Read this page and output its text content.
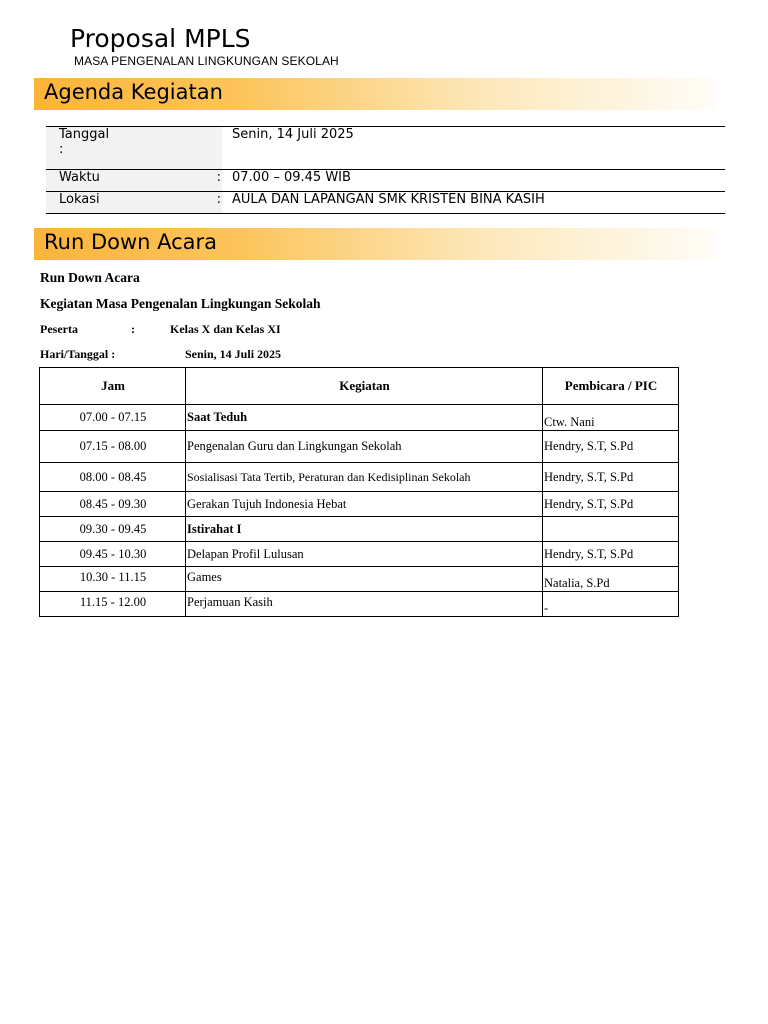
Proposal MPLS
MASA PENGENALAN LINGKUNGAN SEKOLAH
Agenda Kegiatan
Tanggal
:	Senin, 14 Juli 2025
Waktu :	07.00 – 09.45 WIB
Lokasi :	AULA DAN LAPANGAN SMK KRISTEN BINA KASIH
Run Down Acara
Run Down Acara
Kegiatan Masa Pengenalan Lingkungan Sekolah
Peserta	:	Kelas X dan Kelas XI
Hari/Tanggal :	Senin, 14 Juli 2025
Jam	Kegiatan	Pembicara / PIC
07.00 - 07.15	Saat Teduh	Ctw. Nani
07.15 - 08.00	Pengenalan Guru dan Lingkungan Sekolah	Hendry, S.T, S.Pd
08.00 - 08.45	Sosialisasi Tata Tertib, Peraturan dan Kedisiplinan Sekolah	Hendry, S.T, S.Pd
08.45 - 09.30	Gerakan Tujuh Indonesia Hebat	Hendry, S.T, S.Pd
09.30 - 09.45	Istirahat I	
09.45 - 10.30	Delapan Profil Lulusan	Hendry, S.T, S.Pd
10.30 - 11.15	Games	Natalia, S.Pd
11.15 - 12.00	Perjamuan Kasih	-
